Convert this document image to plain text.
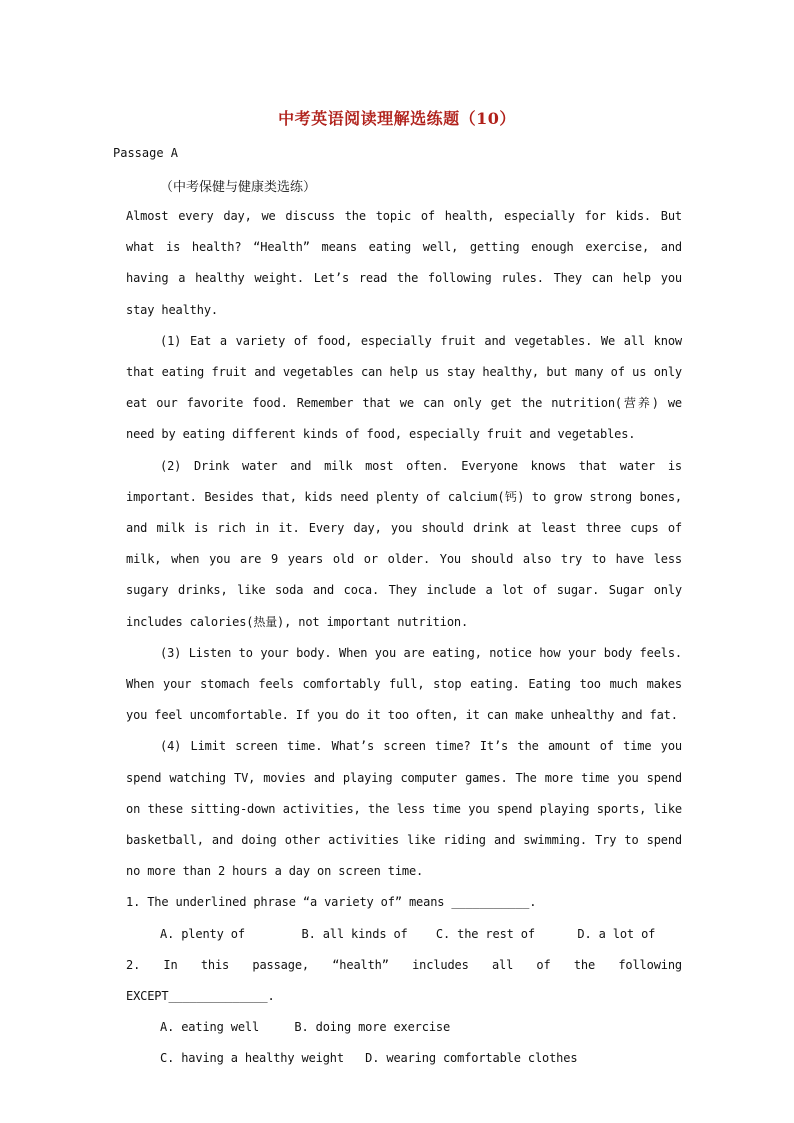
中考英语阅读理解选练题（10）
Passage A
（中考保健与健康类选练）

Almost every day, we discuss the topic of health, especially for kids. But what is health? “Health” means eating well, getting enough exercise, and having a healthy weight. Let’s read the following rules. They can help you stay healthy.

(1) Eat a variety of food, especially fruit and vegetables. We all know that eating fruit and vegetables can help us stay healthy, but many of us only eat our favorite food. Remember that we can only get the nutrition(营养) we need by eating different kinds of food, especially fruit and vegetables.

(2) Drink water and milk most often. Everyone knows that water is important. Besides that, kids need plenty of calcium(钙) to grow strong bones, and milk is rich in it. Every day, you should drink at least three cups of milk, when you are 9 years old or older. You should also try to have less sugary drinks, like soda and coca. They include a lot of sugar. Sugar only includes calories(热量), not important nutrition.

(3) Listen to your body. When you are eating, notice how your body feels. When your stomach feels comfortably full, stop eating. Eating too much makes you feel uncomfortable. If you do it too often, it can make unhealthy and fat.

(4) Limit screen time. What’s screen time? It’s the amount of time you spend watching TV, movies and playing computer games. The more time you spend on these sitting-down activities, the less time you spend playing sports, like basketball, and doing other activities like riding and swimming. Try to spend no more than 2 hours a day on screen time.

1. The underlined phrase “a variety of” means ___________.

A. plenty of        B. all kinds of    C. the rest of      D. a lot of

2. In this passage, “health” includes all of the following EXCEPT______________.

A. eating well     B. doing more exercise

C. having a healthy weight   D. wearing comfortable clothes
